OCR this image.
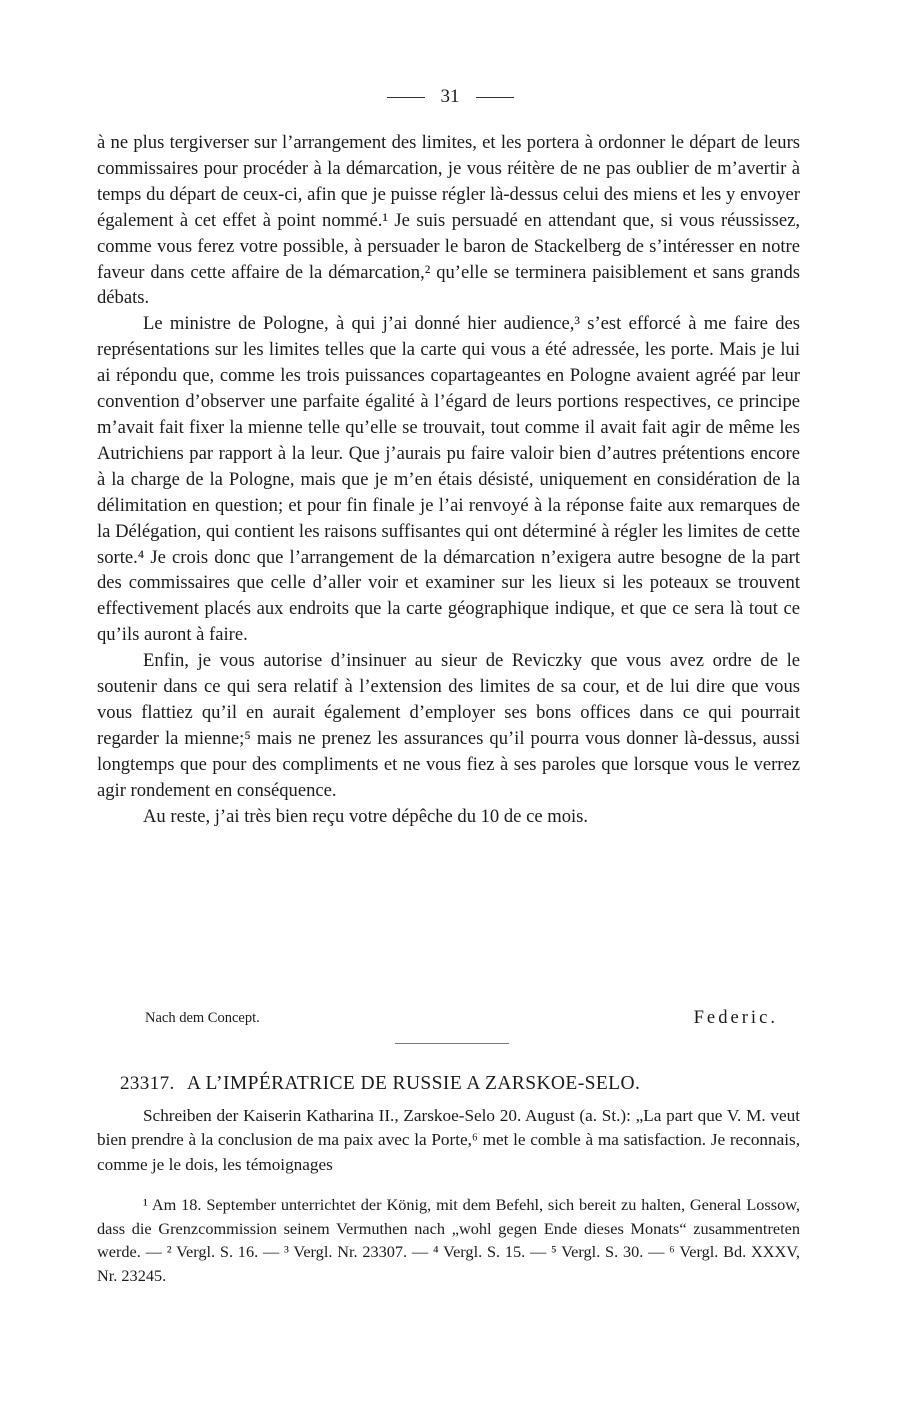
31

à ne plus tergiverser sur l’arrangement des limites, et les portera à ordonner le départ de leurs commissaires pour procéder à la démarcation, je vous réitère de ne pas oublier de m’avertir à temps du départ de ceux-ci, afin que je puisse régler là-dessus celui des miens et les y envoyer également à cet effet à point nommé.¹ Je suis persuadé en attendant que, si vous réussissez, comme vous ferez votre possible, à persuader le baron de Stackelberg de s’intéresser en notre faveur dans cette affaire de la démarcation,² qu’elle se terminera paisiblement et sans grands débats.

Le ministre de Pologne, à qui j’ai donné hier audience,³ s’est efforcé à me faire des représentations sur les limites telles que la carte qui vous a été adressée, les porte. Mais je lui ai répondu que, comme les trois puissances copartageantes en Pologne avaient agréé par leur convention d’observer une parfaite égalité à l’égard de leurs portions respectives, ce principe m’avait fait fixer la mienne telle qu’elle se trouvait, tout comme il avait fait agir de même les Autrichiens par rapport à la leur. Que j’aurais pu faire valoir bien d’autres prétentions encore à la charge de la Pologne, mais que je m’en étais désisté, uniquement en considération de la délimitation en question; et pour fin finale je l’ai renvoyé à la réponse faite aux remarques de la Délégation, qui contient les raisons suffisantes qui ont déterminé à régler les limites de cette sorte.⁴ Je crois donc que l’arrangement de la démarcation n’exigera autre besogne de la part des commissaires que celle d’aller voir et examiner sur les lieux si les poteaux se trouvent effectivement placés aux endroits que la carte géographique indique, et que ce sera là tout ce qu’ils auront à faire.

Enfin, je vous autorise d’insinuer au sieur de Reviczky que vous avez ordre de le soutenir dans ce qui sera relatif à l’extension des limites de sa cour, et de lui dire que vous vous flattiez qu’il en aurait également d’employer ses bons offices dans ce qui pourrait regarder la mienne;⁵ mais ne prenez les assurances qu’il pourra vous donner là-dessus, aussi longtemps que pour des compliments et ne vous fiez à ses paroles que lorsque vous le verrez agir rondement en conséquence.

Au reste, j’ai très bien reçu votre dépêche du 10 de ce mois.

Nach dem Concept.	Federic.
23317. A L’IMPÉRATRICE DE RUSSIE A ZARSKOE-SELO.

Schreiben der Kaiserin Katharina II., Zarskoe-Selo 20. August (a. St.): „La part que V. M. veut bien prendre à la conclusion de ma paix avec la Porte,⁶ met le comble à ma satisfaction. Je reconnais, comme je le dois, les témoignages

¹ Am 18. September unterrichtet der König, mit dem Befehl, sich bereit zu halten, General Lossow, dass die Grenzcommission seinem Vermuthen nach „wohl gegen Ende dieses Monats“ zusammentreten werde. — ² Vergl. S. 16. — ³ Vergl. Nr. 23307. — ⁴ Vergl. S. 15. — ⁵ Vergl. S. 30. — ⁶ Vergl. Bd. XXXV, Nr. 23245.
